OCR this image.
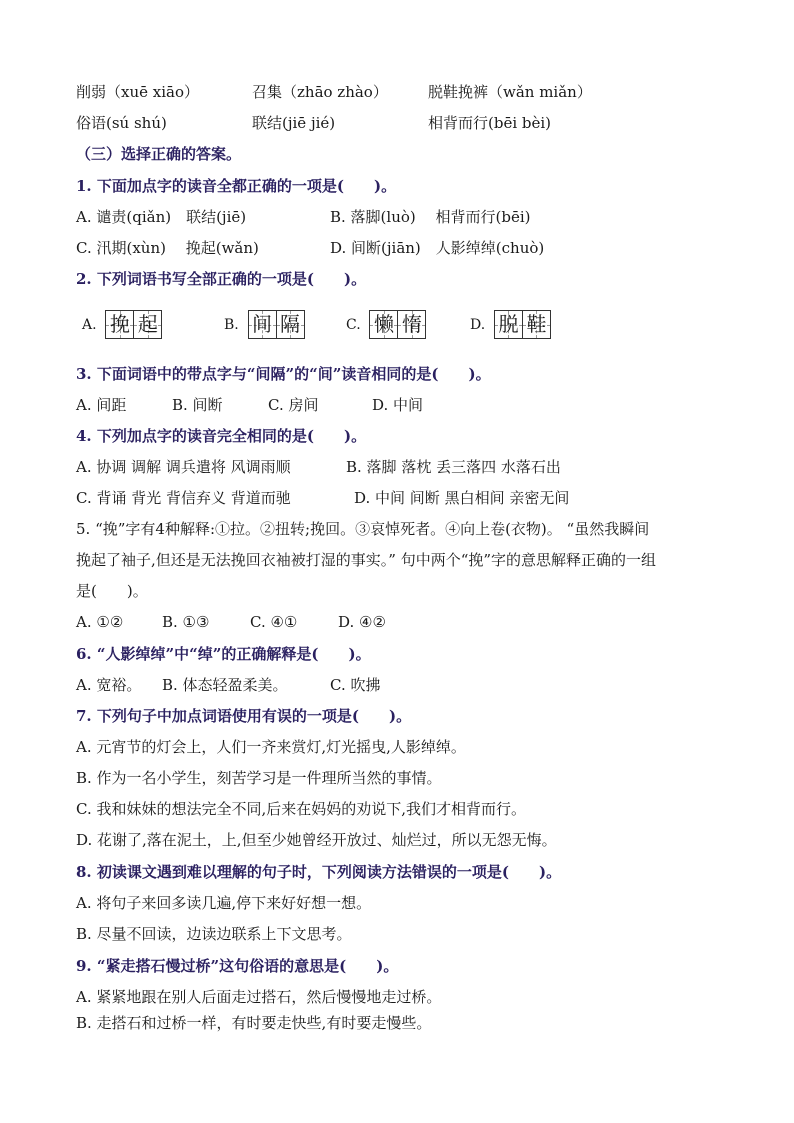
削弱（xuē xiāo）	召集（zhāo zhào）	脱鞋挽裤（wǎn miǎn）
俗语(sú shú)	联结(jiē jié)	相背而行(bēi bèi)
（三）选择正确的答案。
1. 下面加点字的读音全都正确的一项是(　　)。
A. 谴责(qiǎn)　联结(jiē)	B. 落脚(luò)　 相背而行(bēi)
C. 汛期(xùn)　 挽起(wǎn)	D. 间断(jiān)　人影绰绰(chuò)
2. 下列词语书写全部正确的一项是(　　)。
A. 挽 起	B. 间 隔	C. 懒 惰	D. 脱 鞋
3. 下面词语中的带点字与“间隔”的“间”读音相同的是(　　)。
A. 间距	B. 间断	C. 房间	D. 中间
4. 下列加点字的读音完全相同的是(　　)。
A. 协调 调解 调兵遣将 风调雨顺	B. 落脚 落枕 丢三落四 水落石出
C. 背诵 背光 背信弃义 背道而驰	D. 中间 间断 黑白相间 亲密无间
5. “挽”字有4种解释:①拉。②扭转;挽回。③哀悼死者。④向上卷(衣物)。 “虽然我瞬间
挽起了袖子,但还是无法挽回衣袖被打湿的事实。” 句中两个“挽”字的意思解释正确的一组
是(　　)。
A. ①②	B. ①③	C. ④①	D. ④②
6. “人影绰绰”中“绰”的正确解释是(　　)。
A. 宽裕。 B. 体态轻盈柔美。	C. 吹拂
7. 下列句子中加点词语使用有误的一项是(　　)。
A. 元宵节的灯会上，人们一齐来赏灯,灯光摇曳,人影绰绰。
B. 作为一名小学生，刻苦学习是一件理所当然的事情。
C. 我和妹妹的想法完全不同,后来在妈妈的劝说下,我们才相背而行。
D. 花谢了,落在泥土，上,但至少她曾经开放过、灿烂过，所以无怨无悔。
8. 初读课文遇到难以理解的句子时，下列阅读方法错误的一项是(　　)。
A. 将句子来回多读几遍,停下来好好想一想。
B. 尽量不回读，边读边联系上下文思考。
9. “紧走搭石慢过桥”这句俗语的意思是(　　)。
A. 紧紧地跟在别人后面走过搭石，然后慢慢地走过桥。
B. 走搭石和过桥一样，有时要走快些,有时要走慢些。
